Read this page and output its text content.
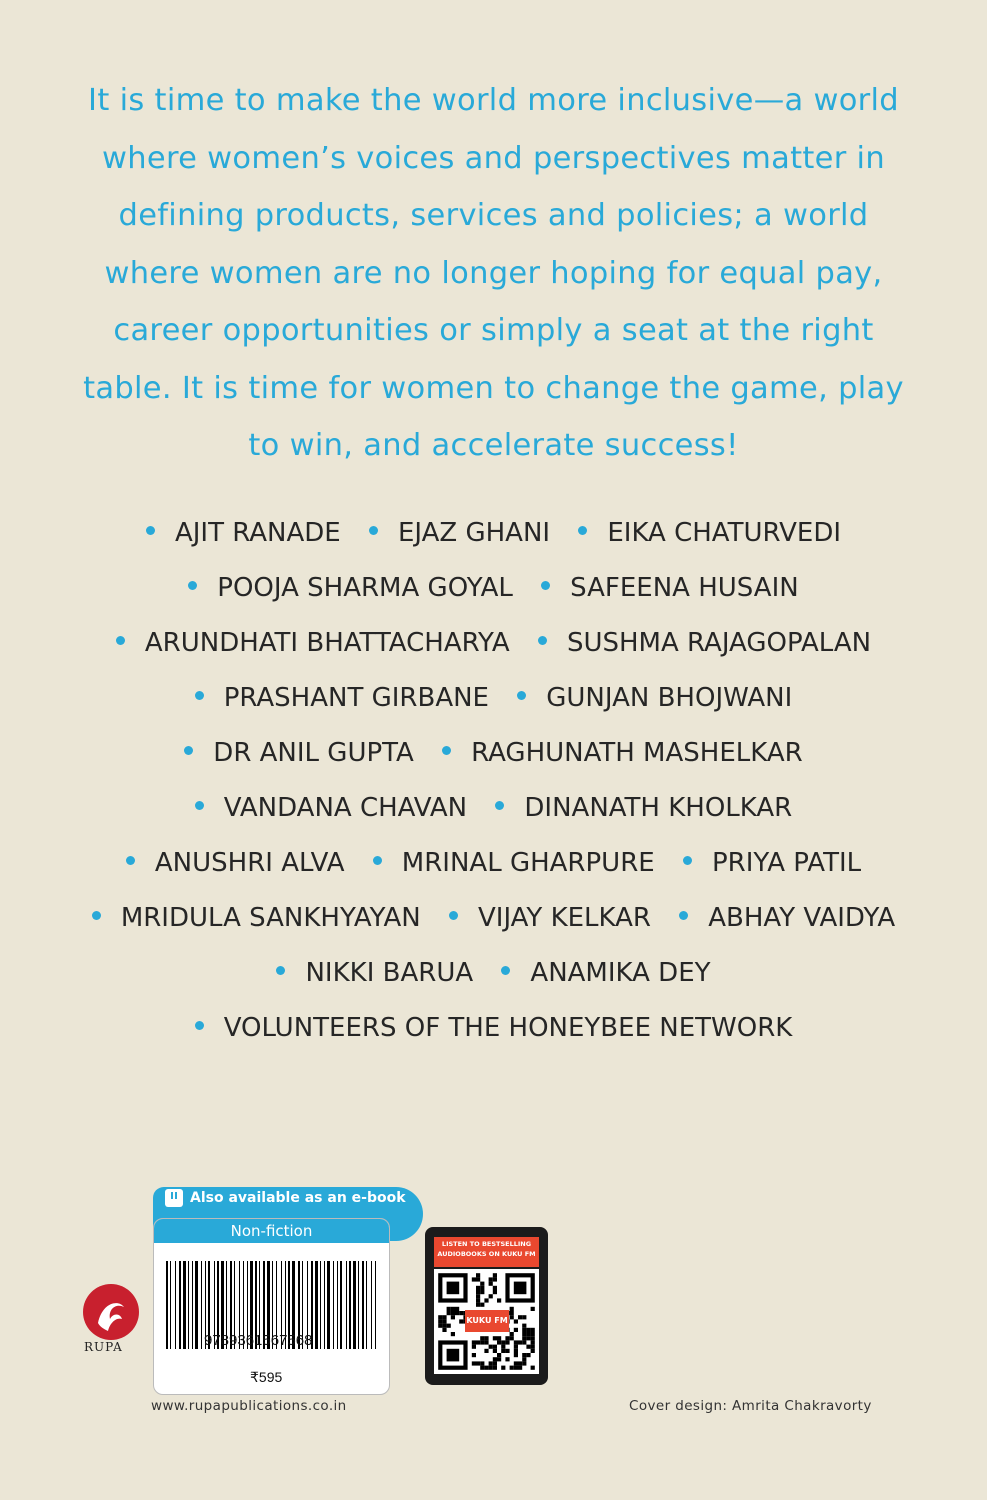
It is time to make the world more inclusive—a world
where women’s voices and perspectives matter in
defining products, services and policies; a world
where women are no longer hoping for equal pay,
career opportunities or simply a seat at the right
table. It is time for women to change the game, play
to win, and accelerate success!
AJIT RANADE EJAZ GHANI EIKA CHATURVEDI
POOJA SHARMA GOYAL SAFEENA HUSAIN
ARUNDHATI BHATTACHARYA SUSHMA RAJAGOPALAN
PRASHANT GIRBANE GUNJAN BHOJWANI
DR ANIL GUPTA RAGHUNATH MASHELKAR
VANDANA CHAVAN DINANATH KHOLKAR
ANUSHRI ALVA MRINAL GHARPURE PRIYA PATIL
MRIDULA SANKHYAYAN VIJAY KELKAR ABHAY VAIDYA
NIKKI BARUA ANAMIKA DEY
VOLUNTEERS OF THE HONEYBEE NETWORK
Also available as an e-book
Non-fiction
9789361567568
₹595
RUPA
www.rupapublications.co.in	Cover design: Amrita Chakravorty
LISTEN TO BESTSELLING AUDIOBOOKS ON KUKU FM
KUKU FM
